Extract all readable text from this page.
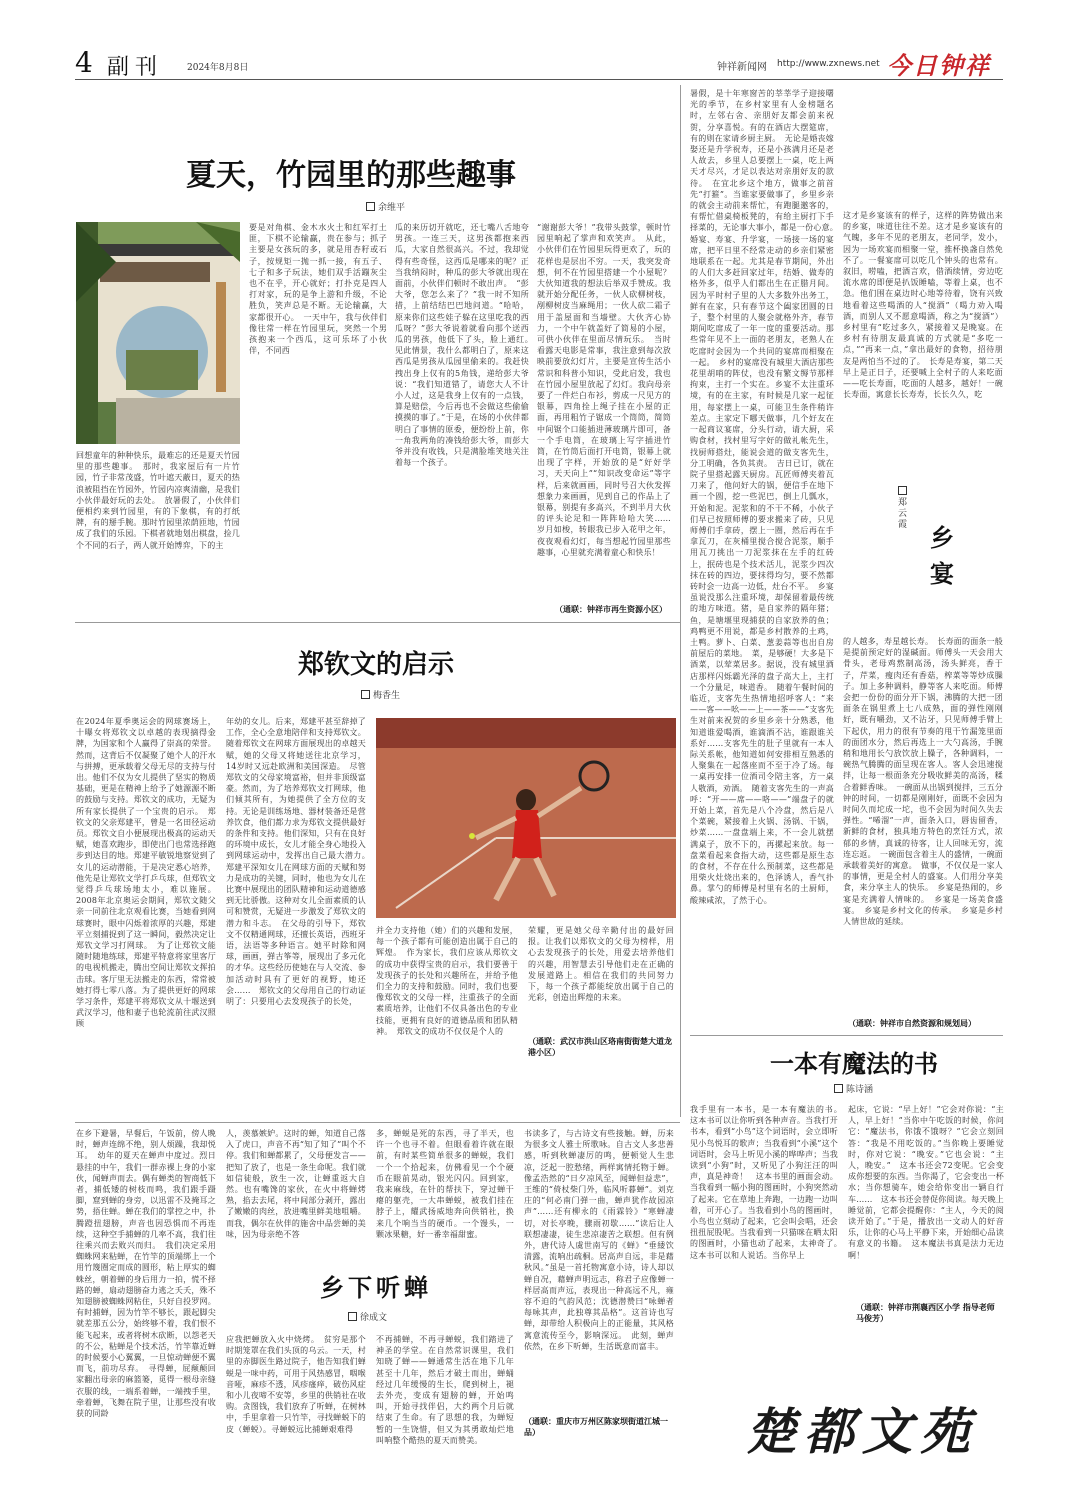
4 副刊	2024年8月8日	钟祥新闻网 http://www.zxnews.net 今日钟祥
夏天，竹园里的那些趣事
余维平
回想童年的种种快乐，最难忘的还是夏天竹园里的那些趣事。　那时，我家屋后有一片竹园，竹子非常茂盛，竹叶遮天蔽日，夏天的热浪被阻挡在竹园外，竹园内凉爽清幽，是我们小伙伴最好玩的去处。　放暑假了，小伙伴们便相约来到竹园里，有的下象棋，有的打纸牌，有的掰手腕。那时竹园里浓荫匝地，竹园成了我们的乐园。下棋者就地划出棋盘，捡几个不同的石子，两人就开始博弈，下的主
要是对角棋、金木水火土和红军打土匪，下棋不论输赢，贵在参与；抓子主要是女孩玩的多，就是用杏籽或石子，按规矩一抛一抓一接，有五子、七子和多子玩法，她们双手活蹦灰尘也不在乎，开心就好；打扑克是四人打对家，玩的是争上游和升级，不论胜负，笑声总是不断。无论输赢，大家都很开心。　一天中午，我与伙伴们像往常一样在竹园里玩，突然一个男孩抱来一个西瓜，这可乐坏了小伙伴，不同西
瓜的来历切开就吃，还七嘴八舌地夸男孩。一连三天，这男孩都抱来西瓜，大家自然很高兴。不过，我却觉得有些奇怪，这西瓜是哪来的呢？正当我纳闷时，种瓜的彭大爷就出现在面前，小伙伴们顿时不敢出声。　“彭大爷，您怎么来了？”我一时不知所措，上前结结巴巴地问道。“哈哈，原来你们这些娃子躲在这里吃我的西瓜呀？”彭大爷说着就看向那个送西瓜的男孩，他低下了头，脸上通红。　见此情景，我什么都明白了，原来这西瓜是男孩从瓜园里偷来的。我赶快拽出身上仅有的5角钱，递给彭大爷说：“我们知道错了，请您大人不计小人过，这是我身上仅有的一点钱，算是赔偿，今后再也不会做这些偷偷摸摸的事了。”于是，在场的小伙伴都明白了事情的原委，便纷纷上前，你一角我两角的凑钱给彭大爷，而彭大爷并没有收钱，只是满脸堆笑地关注着每一个孩子。
“谢谢彭大爷！”我带头鼓掌，顿时竹园里响起了掌声和欢笑声。　从此，小伙伴们在竹园里玩得更欢了，玩的花样也是层出不穷。一天，我突发奇想，何不在竹园里搭建一个小屋呢？大伙知道我的想法后举双手赞成。我就开始分配任务，一伙人砍柳树枝，剐柳树皮当麻绳用；一伙人砍二霜子用于盖屋面和当墙壁。大伙齐心协力，一个中午就盖好了简易的小屋，可供小伙伴在里面尽情玩乐。　当时看露天电影是常事，我注意到每次放映前要放幻灯片，主要是宣传生活小常识和科普小知识，受此启发，我也在竹园小屋里放起了幻灯。我向母亲要了一件烂白布衫，剪成一尺见方的银幕，四角拴上绳子挂在小屋的正面，再用粗竹子锯成一个筒筒，简筒中间锯个口能插进薄玻璃片即可，备一个手电筒，在玻璃上写字插进竹筒，在竹筒后面打开电筒，银幕上就出现了字样，开始放的是“好好学习，天天向上”“知识改变命运”等字样，后来就画画，同时号召大伙发挥想象力来画画，见到自己的作品上了银幕，别提有多高兴，不到半月大伙的评头论足和一阵阵哈哈大笑……　岁月如梭，转眼我已步入花甲之年，夜夜观看幻灯，每当想起竹园里那些趣事，心里就充满着童心和快乐！
（通联：钟祥市再生资源小区）
郑钦文的启示
梅香生
在2024年夏季奥运会的网球赛场上，十曝女将郑钦文以卓越的表现摘得金牌，为国家和个人赢得了崇高的荣誉。然而，这背后不仅凝聚了她个人的汗水与拼搏，更承载着父母无尽的支持与付出。他们不仅为女儿提供了坚实的物质基础，更是在精神上给予了她源源不断的鼓励与支持。郑钦文的成功，无疑为所有家长提供了一个宝贵的启示。　郑钦文的父亲郑建平，曾是一名田径运动员。郑钦文自小便展现出极高的运动天赋，她喜欢跑步，即使出门也常选择跑步到达目的地。郑建平敏锐地察觉到了女儿的运动潜能，于是决定悉心培养，他先是让郑钦文学打乒乓球，但郑钦文觉得乒乓球场地太小，难以施展。2008年北京奥运会期间，郑钦文随父亲一同前往北京观看比赛，当她看到网球赛时，眼中闪烁着浓厚的兴趣，郑建平立刻捕捉到了这一瞬间，毅然决定让郑钦文学习打网球。　为了让郑钦文能随时随地练球，郑建平特意将家里客厅的电视机搬走，腾出空间让郑钦文挥拍击球。客厅里无法搬走的东西，常常被她打得七零八落。为了提供更好的网球学习条件，郑建平将郑钦文从十堰送到武汉学习，他和妻子也轮流前往武汉照顾
年幼的女儿。后来，郑建平甚至辞掉了工作，全心全意地陪伴和支持郑钦文。随着郑钦文在网球方面展现出的卓越天赋，她的父母又将她送往北京学习，14岁时又远赴欧洲和美国深造。　尽管郑钦文的父母家境富裕，但并非顶级富豪。然而，为了培养郑钦文打网球，他们倾其所有，为她提供了全方位的支持。无论是训练场地、器材装备还是营养饮食，他们都力求为郑钦文提供最好的条件和支持。他们深知，只有在良好的环境中成长，女儿才能全身心地投入到网球运动中，发挥出自己最大潜力。　郑建平深知女儿在网球方面的天赋和努力是成功的关键，同时，他也为女儿在比赛中展现出的团队精神和运动道德感到无比骄傲。这种对女儿全面素质的认可和赞赏，无疑进一步激发了郑钦文的潜力和斗志。　在父母的引导下，郑钦文不仅精通网球，还擅长英语，西班牙语，法语等多种语言。她平时除和网球，画画，弹古筝等，展现出了多元化的才华。这些经历使她在与人交流、参加活动时具有了更好的视野，她还会……　郑钦文的父母用自己的行动证明了：只要用心去发现孩子的长处，
并全力支持他（她）们的兴趣和发展，每一个孩子都有可能创造出属于自己的辉煌。　作为家长，我们应该从郑钦文的成功中获得宝贵的启示，我们要善于发现孩子的长处和兴趣所在，并给予他们全力的支持和鼓励。同时，我们也要像郑钦文的父母一样，注重孩子的全面素质培养，让他们不仅具备出色的专业技能，更拥有良好的道德品质和团队精神。　郑钦文的成功不仅仅是个人的
荣耀，更是她父母辛勤付出的最好回报。让我们以郑钦文的父母为榜样，用心去发现孩子的长处，用爱去培养他们的兴趣，用智慧去引导他们走在正确的发展道路上。相信在我们的共同努力下，每一个孩子都能绽放出属于自己的光彩，创造出辉煌的未来。
（通联：武汉市洪山区珞南街街楚大道龙港小区）
暑假，是十年寒窗苦的莘莘学子迎接曙光的季节，在乡村家里有人金榜题名时，左邻右舍、亲朋好友都会前来祝贺，分享喜悦。有的在酒店大摆筵席，有的则在家请乡厨主厨。　无论是婚丧嫁娶还是升学祝寿，还是小孩满月还是老人故去，乡里人总要摆上一桌，吃上两天才尽兴，才足以表达对亲朋好友的款待。　在宜北乡这个地方，做事之前首先“打箍”。当谁家要做事了，乡里乡亲的就会主动前来帮忙，有跑腿邀客的，有帮忙借桌椅板凳的，有给主厨打下手择菜的，无论事大事小，都是一份心意。　婚宴、寿宴、升学宴，一场接一场的宴席，把平日里不经常走动的乡亲们紧密地联系在一起。尤其是春节期间，外出的人们大多赶回家过年，结婚、做寿的格外多，似乎人们都出生在正腊月间。因为平时村子里的人大多数外出务工，鲜有在家，只有春节这个阖家团圆的日子，整个村里的人聚会就格外齐，春节期间吃席成了一年一度的重要活动。那些常年见不上一面的老朋友，老熟人在吃席时会因为一个共同的宴席而相聚在一起。　乡村的宴席没有城里大酒店那些花里胡哨的阵仗，也没有繁文缛节那样拘束，主打一个实在。乡宴不太注重环境，有的在主家，有时候是几家一起征用，每家摆上一桌，可能卫生条件稍许差点。主家定下哪天做事，几个好友在一起商议宴席，分头行动，请大厨，采购食材，找村里写字好的做礼帐先生，找厨师搭灶，能说会道的做支客先生，分工明确，各负其责。　吉日已订，就在院子里搭起露天厨房。瓦匠师傅夹着瓦刀来了，他问好大的锅，便信手在地下画一个圆，挖一些泥巴，倒上几瓢水，开始和泥。泥浆和的不干不稀，小伙子们早已按照师傅的要求搬来了砖，只见师傅们手拿砖，摆上一圈，然后再在手拿瓦刀，在灰桶里搅合搅合泥浆，顺手用瓦刀挑出一刀泥浆抹在左手的红砖上，抿砖也是个技术活儿，泥浆少四次抹在砖的四边，要抹得均匀，要不然都砖时会一边高一边低，灶台不平。　乡宴虽说没那么注重环境，却保留着最传统的地方味道。猪，是自家养的隔年猪；鱼，是塘堰里现捕获的自家放养的鱼；鸡鸭更不用说，都是乡村散养的土鸡，土鸭。萝卜、白菜、葱姜蒜等也出自房前屋后的菜地。　菜，是够硬！大多是下酒菜，以荤菜居多。据说，没有城里酒店那样闪烁霸光泽的盘子高大上，主打一个分量足，味道香。　随着午餐时间的临近，支客先生热情地招呼客人：“来——客——吆——上——茶——”支客先生对前来祝贺的乡里乡亲十分熟悉，他知道谁爱喝酒，谁滴酒不沾，谁跟谁关系好……支客先生的肚子里就有一本人际关系帐，他知道如何安排相互熟悉的人聚集在一起落座而不至于冷了场。每一桌再安排一位酒司令陪主客，方一桌人敬酒，劝酒。　随着支客先生的一声高呼：“开——席——咯——”端盘子的就开始上菜，首先是八个冷盘，然后是八个菜碗，紧接着上火锅、汤锅、干锅，炒菜……一盘盘端上来，不一会儿就摆满桌子，放不下的，再摞起来放。每一盘菜看起来食指大动，这些都是原生态的食材，不存在什么预制菜，这些都是用柴火灶烧出来的，色泽诱人，香气扑鼻。掌勺的师傅是村里有名的土厨师，酸辣咸浓，了然于心。
这才是乡宴该有的样子，这样的阵势做出来的乡宴，味道往往不差。这才是乡宴该有的气魄，多年不见的老朋友，老同学，发小，因为一场欢宴而相聚一堂，推杯换盏自然免不了。一餐宴席可以吃几个钟头的也常有。叙旧，唠嗑，把酒言欢，借酒续情，旁边吃流水席的即便是扒饭睡嗑，等着上桌，也不急。他们围在桌边时心地等待着，饶有兴致地看着这些喝酒的人“搅酒”（喝力劝入喝酒，而别人又不愿意喝酒，称之为“搅酒”）乡村里有“吃过多久，紧接着又是晚宴。在乡村有待朋友最真诚的方式就是“多吃一点，”“再来一点，”拿出最好的食物，招待朋友是两怕当不过的了。　长寿是寿宴，第二天早上是正日子，还要喊上全村子的人来吃面——吃长寿面，吃面的人越多，越好！一碗长寿面，寓意长长寿寿，长长久久，吃
乡宴
郑云霞
的人越多，寿星越长寿。　长寿面的面条一般是提前预定好的湿碱面。师傅头一天会用大骨头，老母鸡熬制高汤，汤头鲜亮，香于子，芹菜，瘦肉还有香菇，榨菜等等炒成臊子。加上多种调料，静等客人来吃面。师傅会把一份份的面分开下锅，沸腾的大把一团面条在锅里煮上七八成熟，面的弹性刚刚好，既有嚼劲，又不沾牙，只见师傅手臂上下起伏，用力的很有节奏的甩干竹漏笼里面的面团水分，然后再选上一大勺高汤，手腕稍和地用长勺放饮放上臊子，各种调料，一碗热气腾腾的面呈现在客人。客人会迅速搅拌，让每一根面条充分吸收鲜美的高汤，糅合着鲜香味。　一碗面从出锅到搅拌，三五分钟的时间，一切都是刚刚好，面既不会因为时间久而坨成一坨，也不会因为时间久失去弹性。“唏溜”一声，面条入口，唇齿留香，新鲜的食材，独具地方特色的烹饪方式，浓郁的乡情，真诚的待客，让人回味无穷，流连忘返。　一碗面包含着主人的盛情，一碗面承载着美好的寓意。　做事，不仅仅是一家人的事情，更是全村人的盛宴。人们用分享美食，来分享主人的快乐。　乡宴是热闹的，乡宴是充满着人情味的。　乡宴是一场美食盛宴。　乡宴是乡村文化的传承。　乡宴是乡村人情世故的延续。
（通联：钟祥市自然资源和规划局）
一本有魔法的书
陈诗涵
我手里有一本书，是一本有魔法的书。　这本书可以让你听到各种声音。当我打开书本，看到“小鸟”这个词语时，会立即听见小鸟悦耳的歌声；当我看到“小溪”这个词语时，会马上听见小溪的哗哗声；当我读到“小狗”时，又听见了小狗汪汪的叫声，真是神奇！　这本书里的画面会动。当我看到一幅小狗的图画时，小狗突然动了起来。它在草地上奔跑，一边跑一边叫着，可开心了。当我看到小鸟的图画时，小鸟也立刻动了起来，它会叫会唱，还会扭扭屁股呢。当我看到一只猫咪在晒太阳的图画时，小猫也动了起来，太神奇了。　这本书可以和人说话。当你早上
起床，它说：“早上好！”它会对你说：“主人，早上好！”当你中午吃饭的时候，你问它：“魔法书，你饿不饿呀？”它会立刻回答：“我是不用吃饭的。”当你晚上要睡觉时，你对它说：“晚安。”它也会说：“主人，晚安。”　这本书还会72变呢。它会变成你想要的东西。当你渴了，它会变出一杯水；当你想骑车，她会给你变出一辆自行车……　这本书还会替促你阅读。每天晚上睡觉前，它都会提醒你：“主人，今天的阅读开始了。”于是，播放出一文动人的好音乐，让你的心马上平静下来，开始细心品读有意义的书籍。　这本魔法书真是法力无边啊！
（通联：钟祥市荆襄西区小学 指导老师 马俊芳）
在乡下避暑，早餐后，午饭前，傍人晚时，蝉声连绵不绝，别人烦躁，我却悦耳。　幼年的夏天在蝉声中度过。烈日悬挂的中午，我们一群赤裸上身的小家伙，闻蝉声而去。偶有蝉类的智商低下者，捕低矮的树枝而鸣，我们跟手蹑脚，窟到蝉的身旁，以迅雷不及掩耳之势，捂住蝉。蝉在我们的掌控之中，扑腾蹬扭翅膀，声音也因恐惧而不再连续，这种空手捕蝉的几率不高，我们往往乘兴而去败兴而归。　我们决定采用蜘蛛网来粘蝉，在竹竿的顶端绑上一个用竹篾圈定而成的圆形，粘上厚实的蜘蛛丝，朝着蝉的身后用力一拍，慌不择路的蝉，扇动翅膀奋力逃之夭夭，殊不知翅膀被蜘蛛网粘住，只好自投罗网。有时捕蝉，因为竹竿不够长，跟起脚尖就差那五公分，始终够不着，我们恨不能飞起来，或者将树木砍断，以怨老天的不公，粘蝉是个技术活，竹竿靠近蝉的时候要小心翼翼，一旦惊动蝉便不翼而飞，前功尽弃。　寻得蝉，屁颠颠回家翻出母亲的麻篮篓，觅得一根母亲缝衣服的线，一端系着蝉，一端拽手里，牵着蝉，飞舞在院子里，让那些没有收获的同龄
人，羡慕嫉妒。这时的蝉，知道自己落入了虎口，声音不再“知了知了”叫个不停。我们和蝉都累了，父母便发言——把知了放了，也是一条生命呢。我们就如信徒般，放生一次，让蝉重返大自然。也有嘴馋的家伙，在火中将蝉烤熟，掐去去尾，将中间部分剥开，露出了嫩嫩的肉丝，放进嘴里鲜美地咀嚼。而我，偶尔在伙伴的施舍中品尝蝉的美味，因为母亲绝不答
多，蝉蜕是死的东西，寻了半天，也许一个也寻不着。但眼看着许就在眼前，有时某些简单很多的蝉蜕，我们一个一个拾起来，仿佛看见一个个硬币在眼前晃动，银光闪闪。回到家，我来麻线，在针的帮扶下，穿过蝉干瘪的躯壳，一大串蝉蜕，被我们挂在脖子上，耀武扬威地奔向供销社，换来几个响当当的硬币。一个馒头，一颗冰果糖，好一番幸福甜蜜。
乡下听蝉
徐成文
应我把蝉放入火中烧烤。　贫穷是那个时期笼罩在我们头顶的乌云。一天，村里的赤脚医生路过院子，他告知我们蝉蜕是一味中药，可用于风热感冒，咽喉音哑，麻疹不透，风疹瘙痒，破伤风症和小儿夜啼不安等，乡里的供销社在收购。贪图钱，我们放弃了听蝉，在树林中，手里拿着一只竹竿，寻找蝉蜕下的皮（蝉蜕）。寻蝉蜕远比捕蝉艰难得
书读多了，与古诗文有些接触。蝉，历来为很多文人雅士所歌咏。自古文人多悲善感，听到秋蝉凄厉的鸣，便顿觉人生悲凉，泛起一腔愁绪，两样寓情托物于蝉。像孟浩然的“日夕凉风至，闻蝉但益悲”，王维的“倚杖柴门外，临风听暮蝉”。刘克庄的“何必南门弹一曲，蝉声犹作故园凉声”……还有柳永的《雨霖铃》“寒蝉凄切，对长亭晚，骤雨初歇……”读后让人联想凄凄，徒生悲凉凄苦之联想。但有例外，唐代诗人虞世南写的《蝉》“垂緌饮清露，流响出疏桐。居高声自远，非是藉秋风。”虽是一首托物寓意小诗，诗人却以蝉自况，藉蝉声明远志，称君子应像蝉一样居高而声远，表现出一种高远不凡，雍容不迫的气韵风范；沈德潜赞曰“咏蝉者每咏其声，此独尊其品格”。这首诗也写蝉，却带给人积极向上的正能量，其风格寓意流传至今，影响深远。　此刻，蝉声依然，在乡下听蝉，生活既意而富丰。
不再捕蝉，不再寻蝉蜕，我们踏进了神圣的学堂。在自然常识课里，我们知晓了蝉——蝉通常生活在地下几年甚至十几年，然后才破土而出，蝉蛹经过几年缓慢的生长，爬到树上，褪去外壳，变成有翅膀的蝉，开始鸣叫，开始寻找伴侣，大约两个月后就结束了生命。有了思想的我，为蝉短暂的一生饶惜，但又为其勇敢灿烂地叫响整个酷热的夏天而赞美。
（通联：重庆市万州区陈家坝街道江城一品）	楚都文苑
